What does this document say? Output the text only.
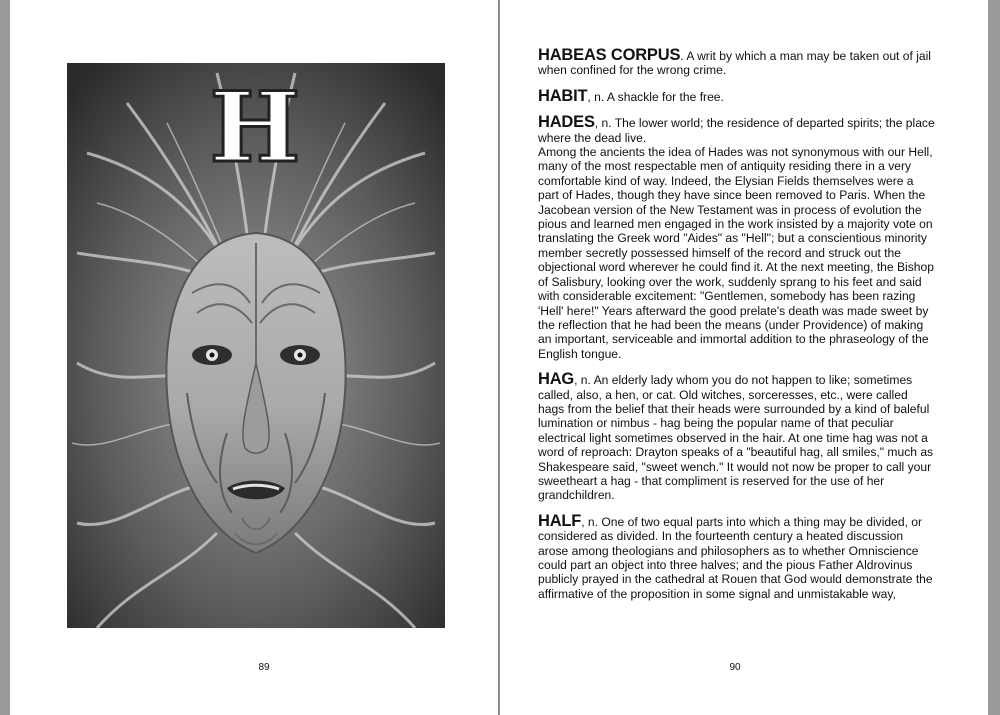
H
89

HABEAS CORPUS. A writ by which a man may be taken out of jail when confined for the wrong crime.

HABIT, n. A shackle for the free.

HADES, n. The lower world; the residence of departed spirits; the place where the dead live.

Among the ancients the idea of Hades was not synonymous with our Hell, many of the most respectable men of antiquity residing there in a very comfortable kind of way. Indeed, the Elysian Fields themselves were a part of Hades, though they have since been removed to Paris. When the Jacobean version of the New Testament was in process of evolution the pious and learned men engaged in the work insisted by a majority vote on translating the Greek word "Aides" as "Hell"; but a conscientious minority member secretly possessed himself of the record and struck out the objectional word wherever he could find it. At the next meeting, the Bishop of Salisbury, looking over the work, suddenly sprang to his feet and said with considerable excitement: "Gentlemen, somebody has been razing 'Hell' here!" Years afterward the good prelate's death was made sweet by the reflection that he had been the means (under Providence) of making an important, serviceable and immortal addition to the phraseology of the English tongue.

HAG, n. An elderly lady whom you do not happen to like; sometimes called, also, a hen, or cat. Old witches, sorceresses, etc., were called hags from the belief that their heads were surrounded by a kind of baleful lumination or nimbus - hag being the popular name of that peculiar electrical light sometimes observed in the hair. At one time hag was not a word of reproach: Drayton speaks of a "beautiful hag, all smiles," much as Shakespeare said, "sweet wench." It would not now be proper to call your sweetheart a hag - that compliment is reserved for the use of her grandchildren.

HALF, n. One of two equal parts into which a thing may be divided, or considered as divided. In the fourteenth century a heated discussion arose among theologians and philosophers as to whether Omniscience could part an object into three halves; and the pious Father Aldrovinus publicly prayed in the cathedral at Rouen that God would demonstrate the affirmative of the proposition in some signal and unmistakable way,

90
